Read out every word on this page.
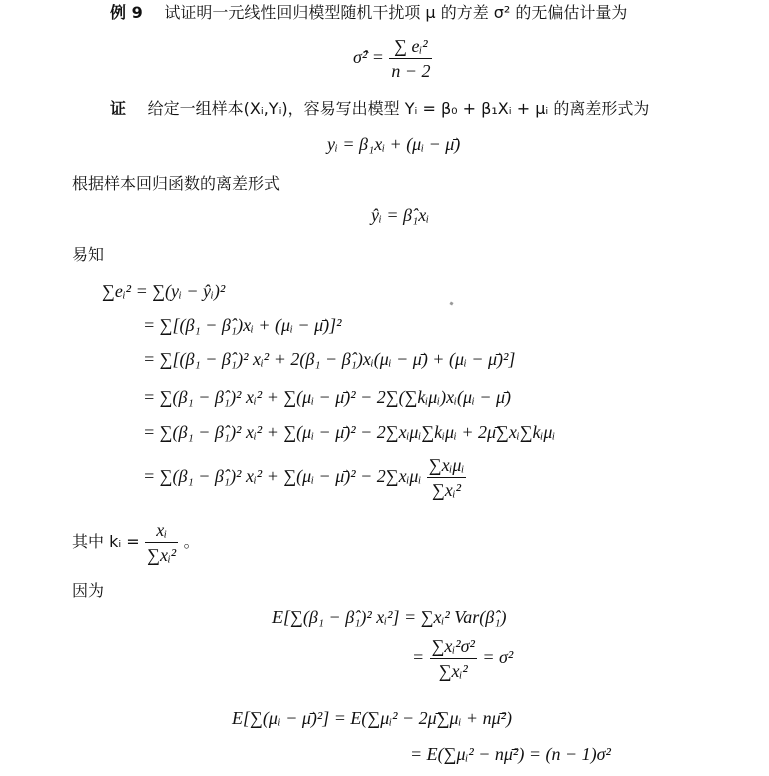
例 9 试证明一元线性回归模型随机干扰项 μ 的方差 σ² 的无偏估计量为
σ̂² = $\frac{\text{∑ eᵢ²}}{n - 2}$
证 给定一组样本(Xᵢ,Yᵢ)，容易写出模型 Yᵢ = β₀ + β₁Xᵢ + μᵢ 的离差形式为
yᵢ = β₁xᵢ + (μᵢ − μ̄)
根据样本回归函数的离差形式
ŷᵢ = β̂₁xᵢ
易知
∑eᵢ² = ∑(yᵢ − ŷᵢ)²
= ∑[(β₁ − β̂₁)xᵢ + (μᵢ − μ̄)]²
= ∑[(β₁ − β̂₁)² xᵢ² + 2(β₁ − β̂₁)xᵢ(μᵢ − μ̄) + (μᵢ − μ̄)²]
= ∑(β₁ − β̂₁)² xᵢ² + ∑(μᵢ − μ̄)² − 2∑(∑kᵢμᵢ)xᵢ(μᵢ − μ̄)
= ∑(β₁ − β̂₁)² xᵢ² + ∑(μᵢ − μ̄)² − 2∑xᵢμᵢ∑kᵢμᵢ + 2μ̄∑xᵢ∑kᵢμᵢ
= ∑(β₁ − β̂₁)² xᵢ² + ∑(μᵢ − μ̄)² − 2∑xᵢμᵢ $\frac{\text{∑xᵢμᵢ}}{\text{∑xᵢ²}}$
其中 kᵢ = $\frac{\text{xᵢ}}{\text{∑xᵢ²}}$ 。
因为
E[∑(β₁ − β̂₁)² xᵢ²] = ∑xᵢ² Var(β̂₁)
= $\frac{\text{∑xᵢ²σ²}}{\text{∑xᵢ²}} = \sigma^2$
E[∑(μᵢ − μ̄)²] = E(∑μᵢ² − 2μ̄∑μᵢ + nμ̄²)
= E(∑μᵢ² − nμ̄²) = (n − 1)σ²
